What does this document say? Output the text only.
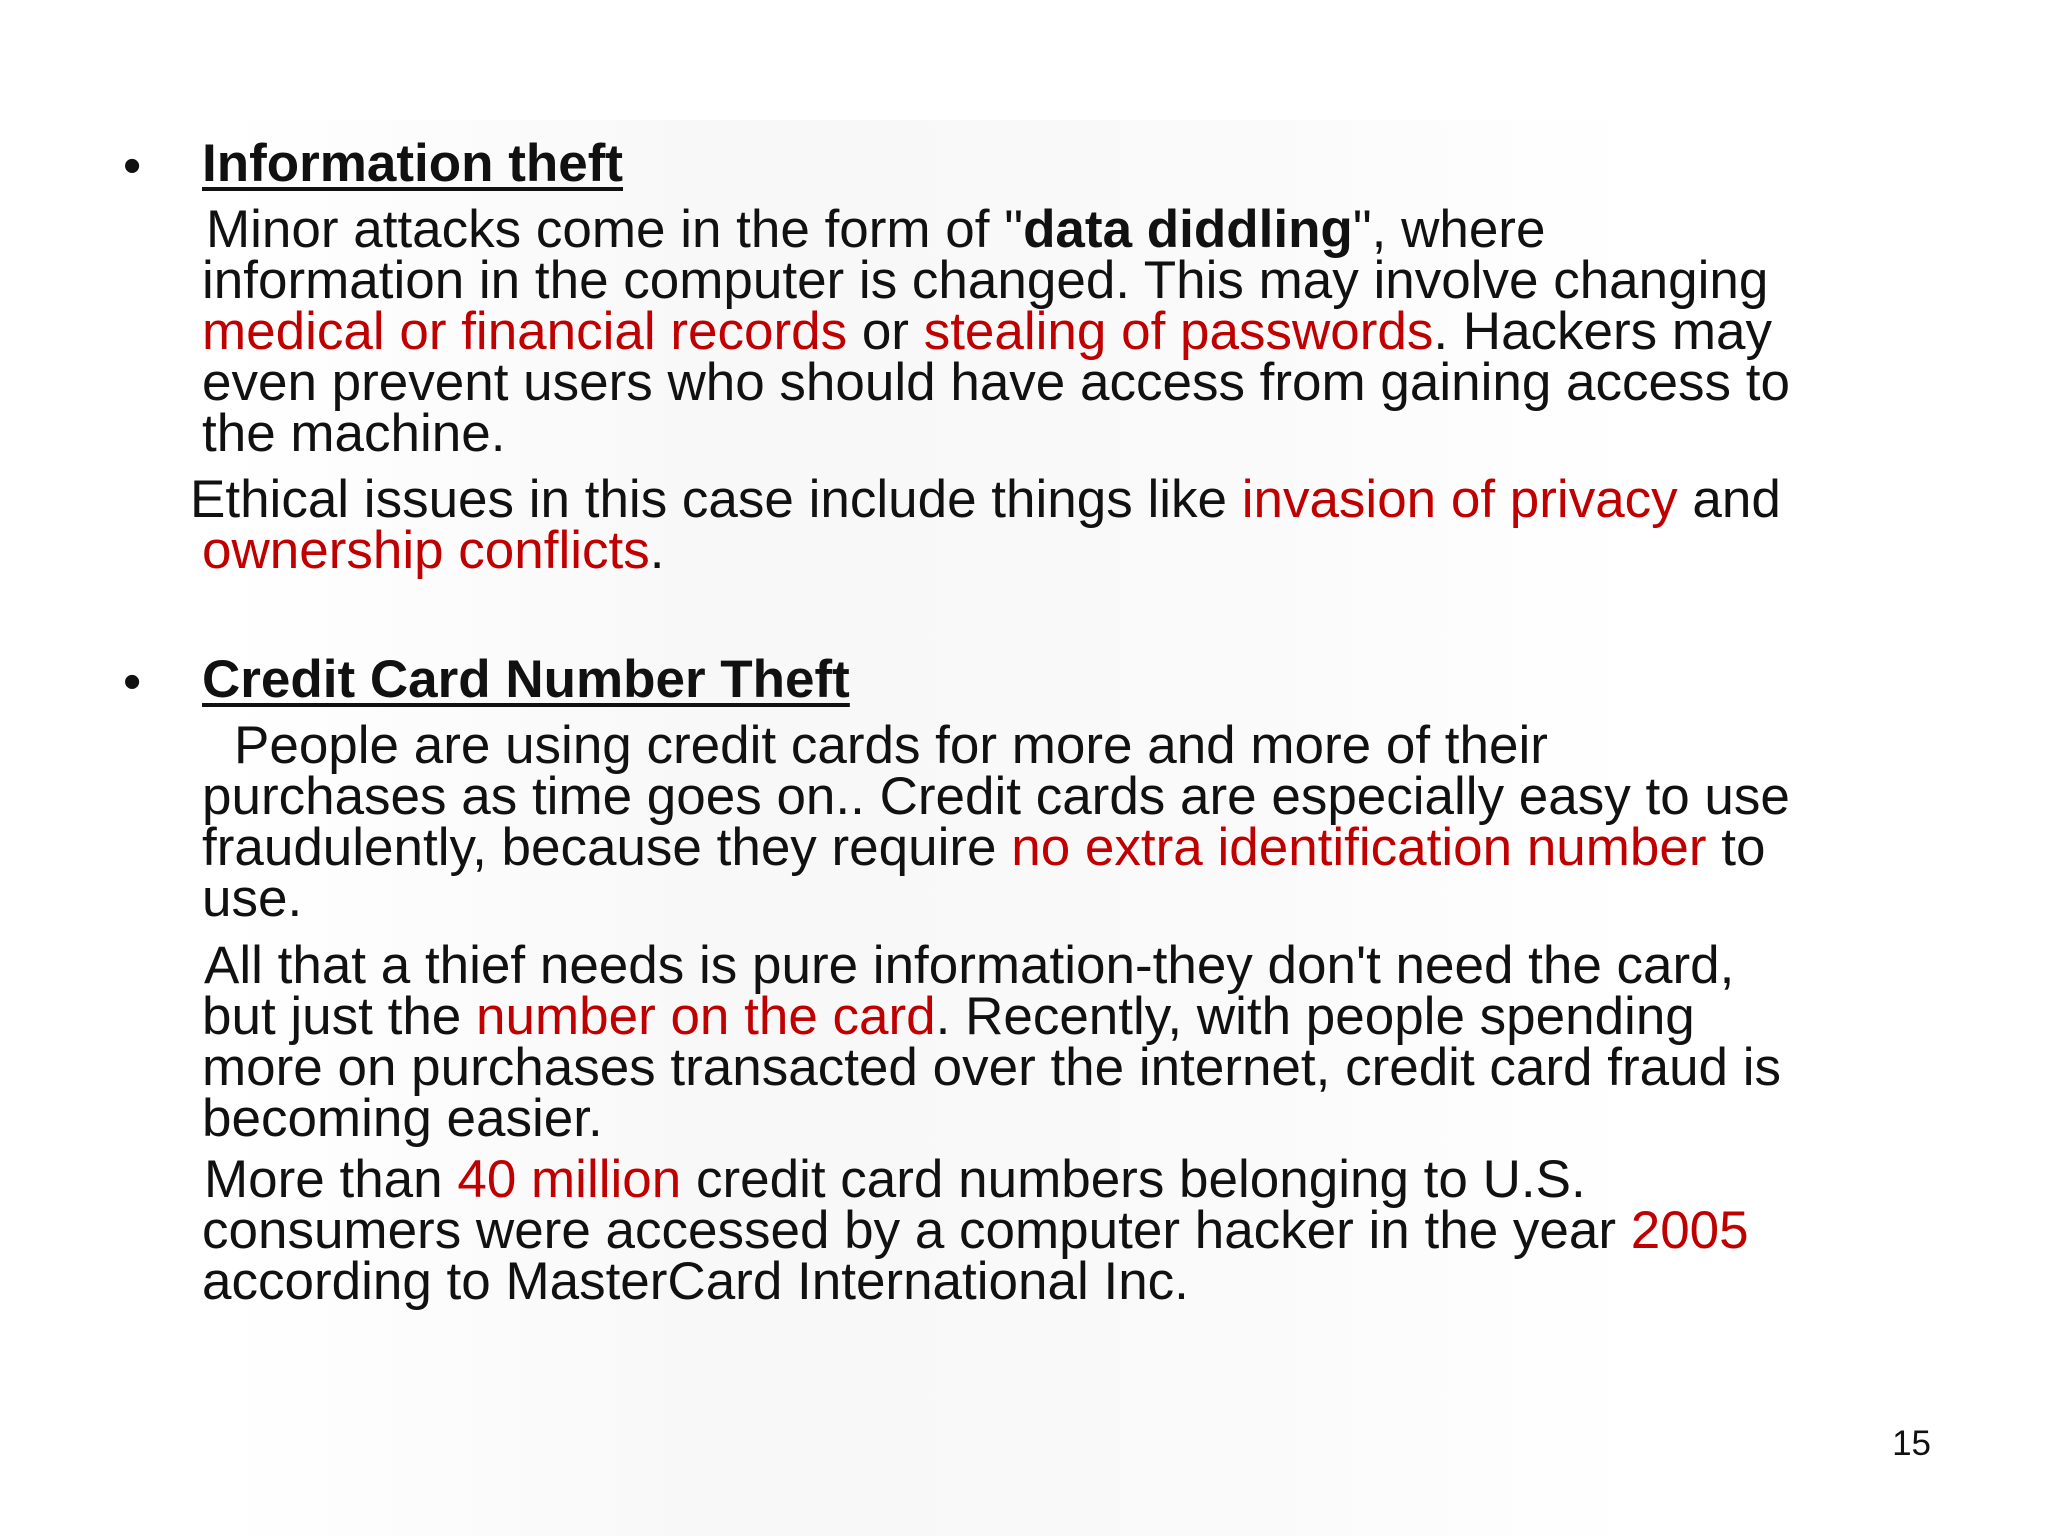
• Information theft
Minor attacks come in the form of "data diddling", where
information in the computer is changed. This may involve changing
medical or financial records or stealing of passwords. Hackers may
even prevent users who should have access from gaining access to
the machine.
Ethical issues in this case include things like invasion of privacy and
ownership conflicts.
• Credit Card Number Theft
People are using credit cards for more and more of their
purchases as time goes on.. Credit cards are especially easy to use
fraudulently, because they require no extra identification number to
use.
All that a thief needs is pure information-they don't need the card,
but just the number on the card. Recently, with people spending
more on purchases transacted over the internet, credit card fraud is
becoming easier.
More than 40 million credit card numbers belonging to U.S.
consumers were accessed by a computer hacker in the year 2005
according to MasterCard International Inc.
15
